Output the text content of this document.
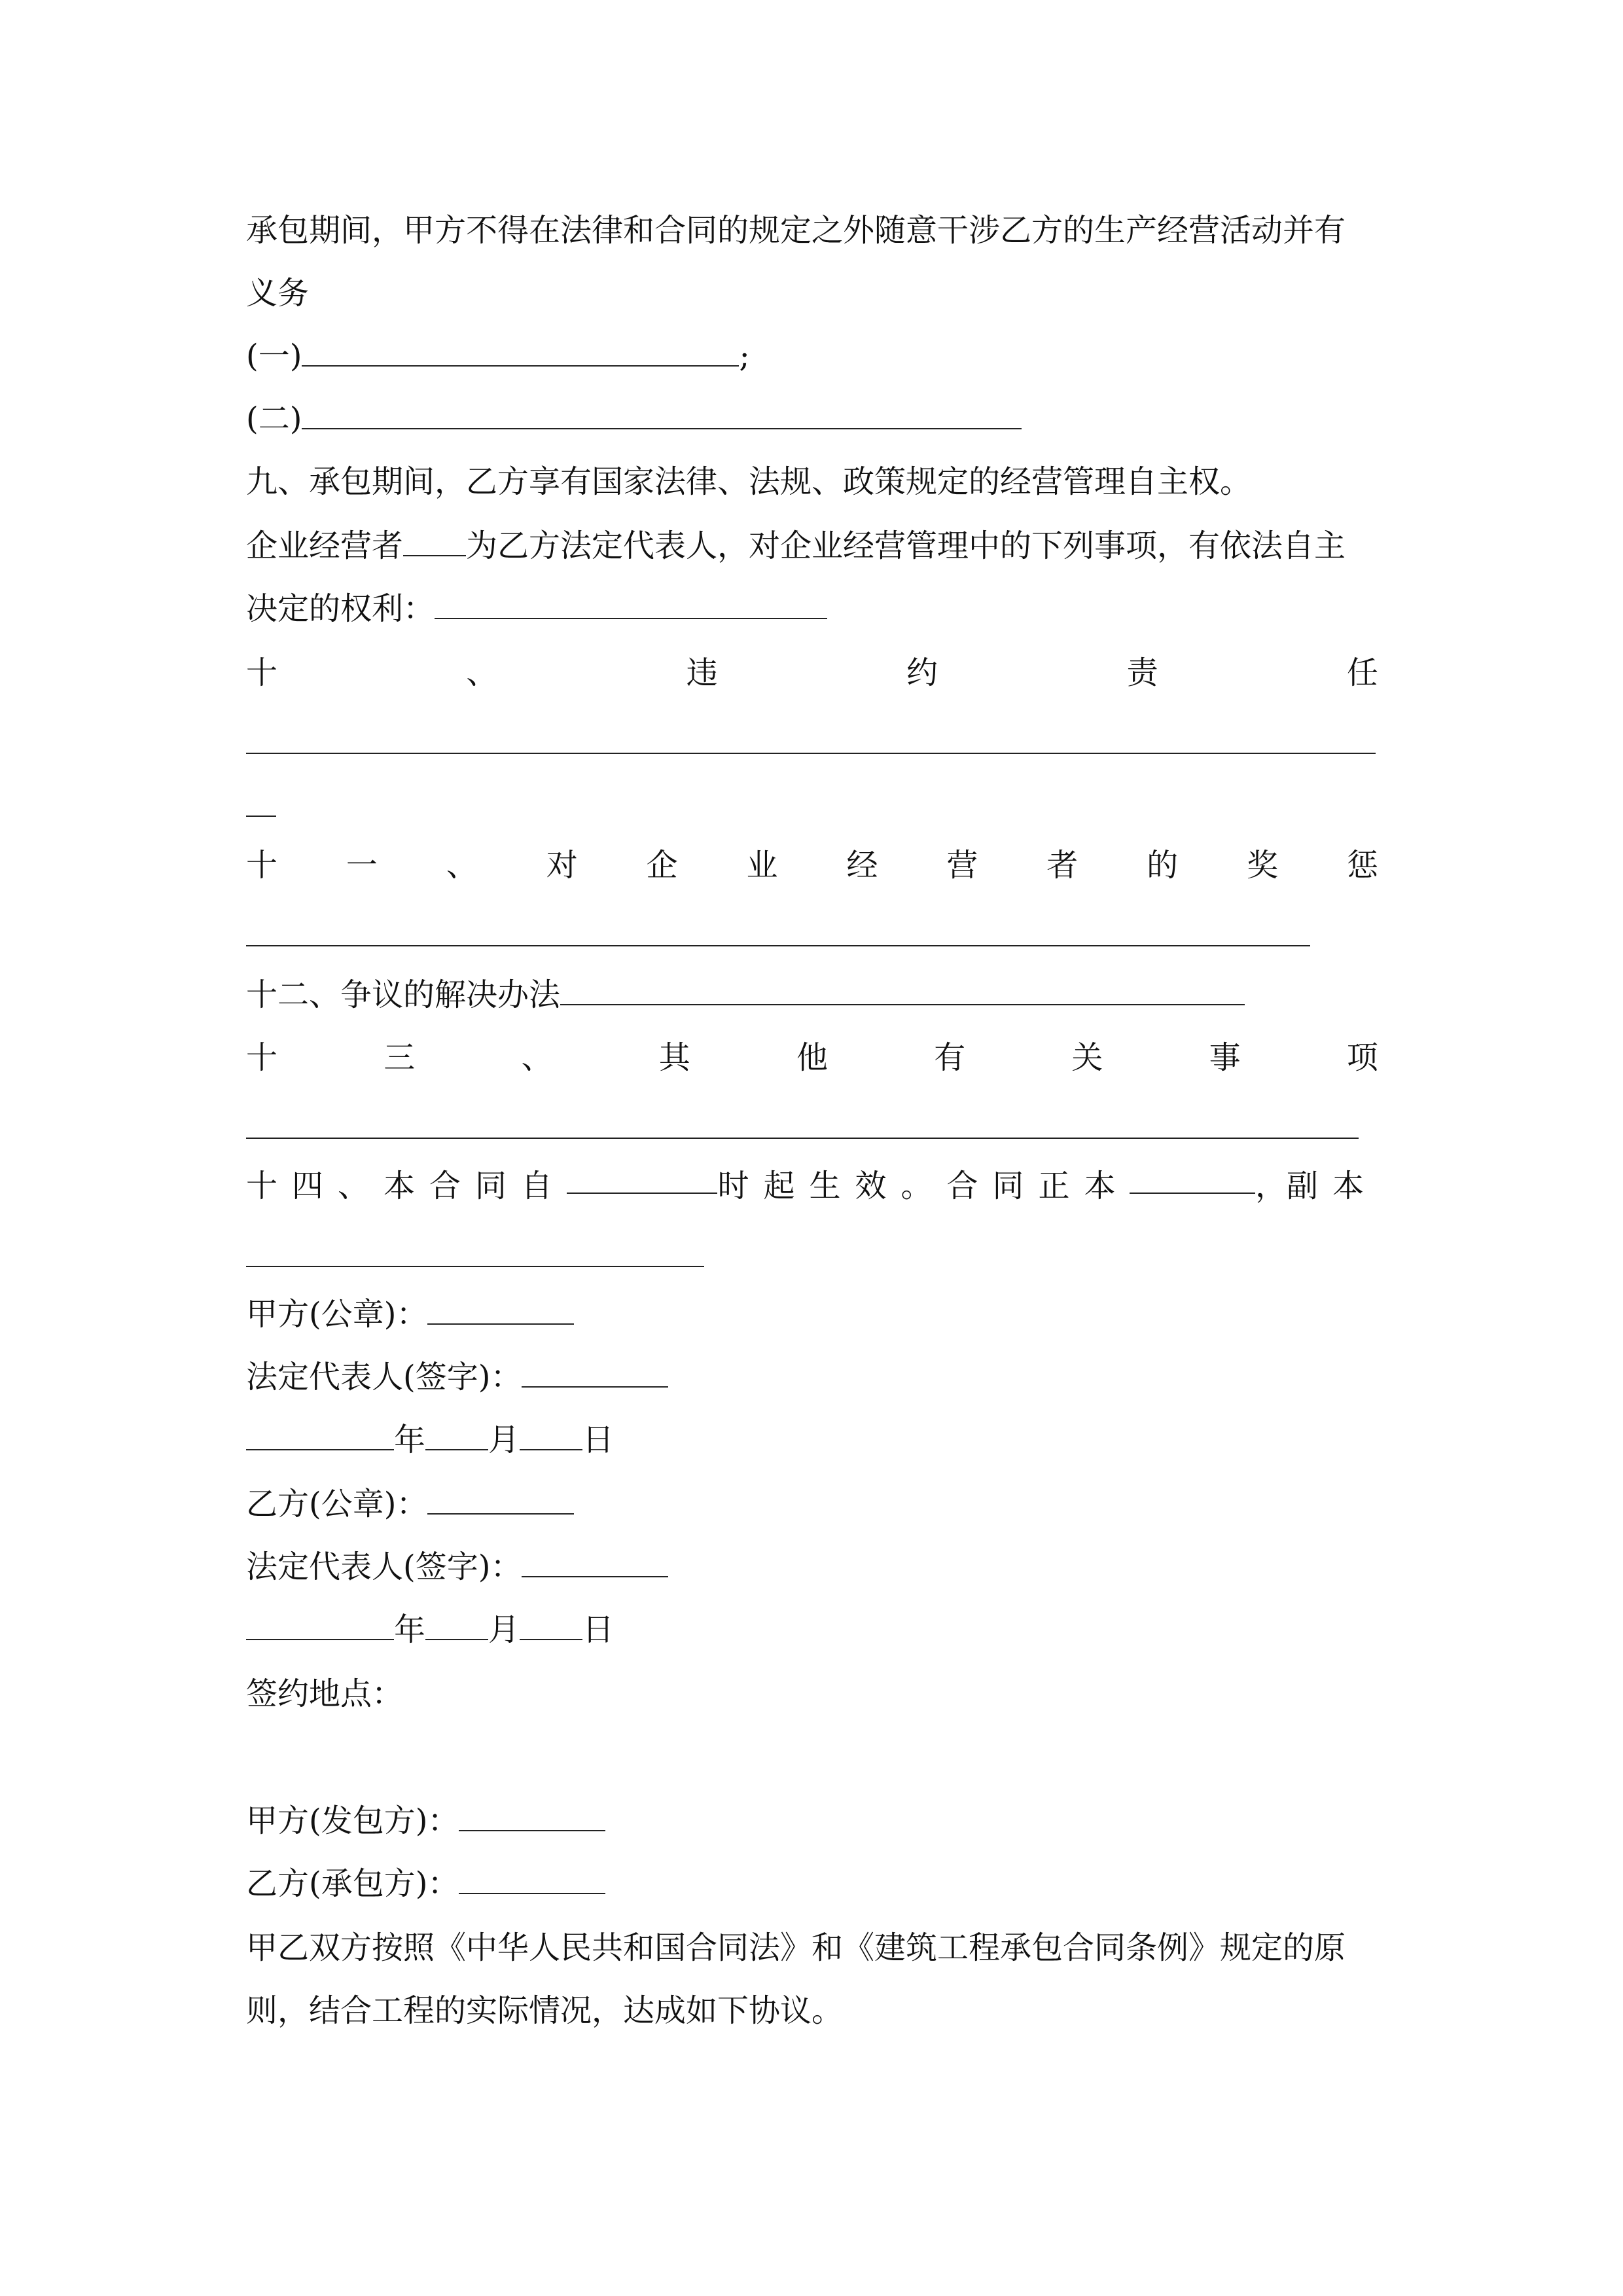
承包期间，甲方不得在法律和合同的规定之外随意干涉乙方的生产经营活动并有
义务
(一)	;
(二)
九、承包期间，乙方享有国家法律、法规、政策规定的经营管理自主权。
企业经营者 为乙方法定代表人，对企业经营管理中的下列事项，有依法自主
决定的权利：
十	、	违	约	责	任
十 一 、 对 企 业 经 营 者 的 奖 惩
十二、争议的解决办法
十	三	、	其	他	有	关	事	项
十四、本合同自	时起生效。合同正本	， 副本
甲方(公章)：
法定代表人(签字)：
年 月 日
乙方(公章)：
法定代表人(签字)：
年 月 日
签约地点：
甲方(发包方)：
乙方(承包方)：
甲乙双方按照《中华人民共和国合同法》和《建筑工程承包合同条例》规定的原
则，结合工程的实际情况，达成如下协议。
